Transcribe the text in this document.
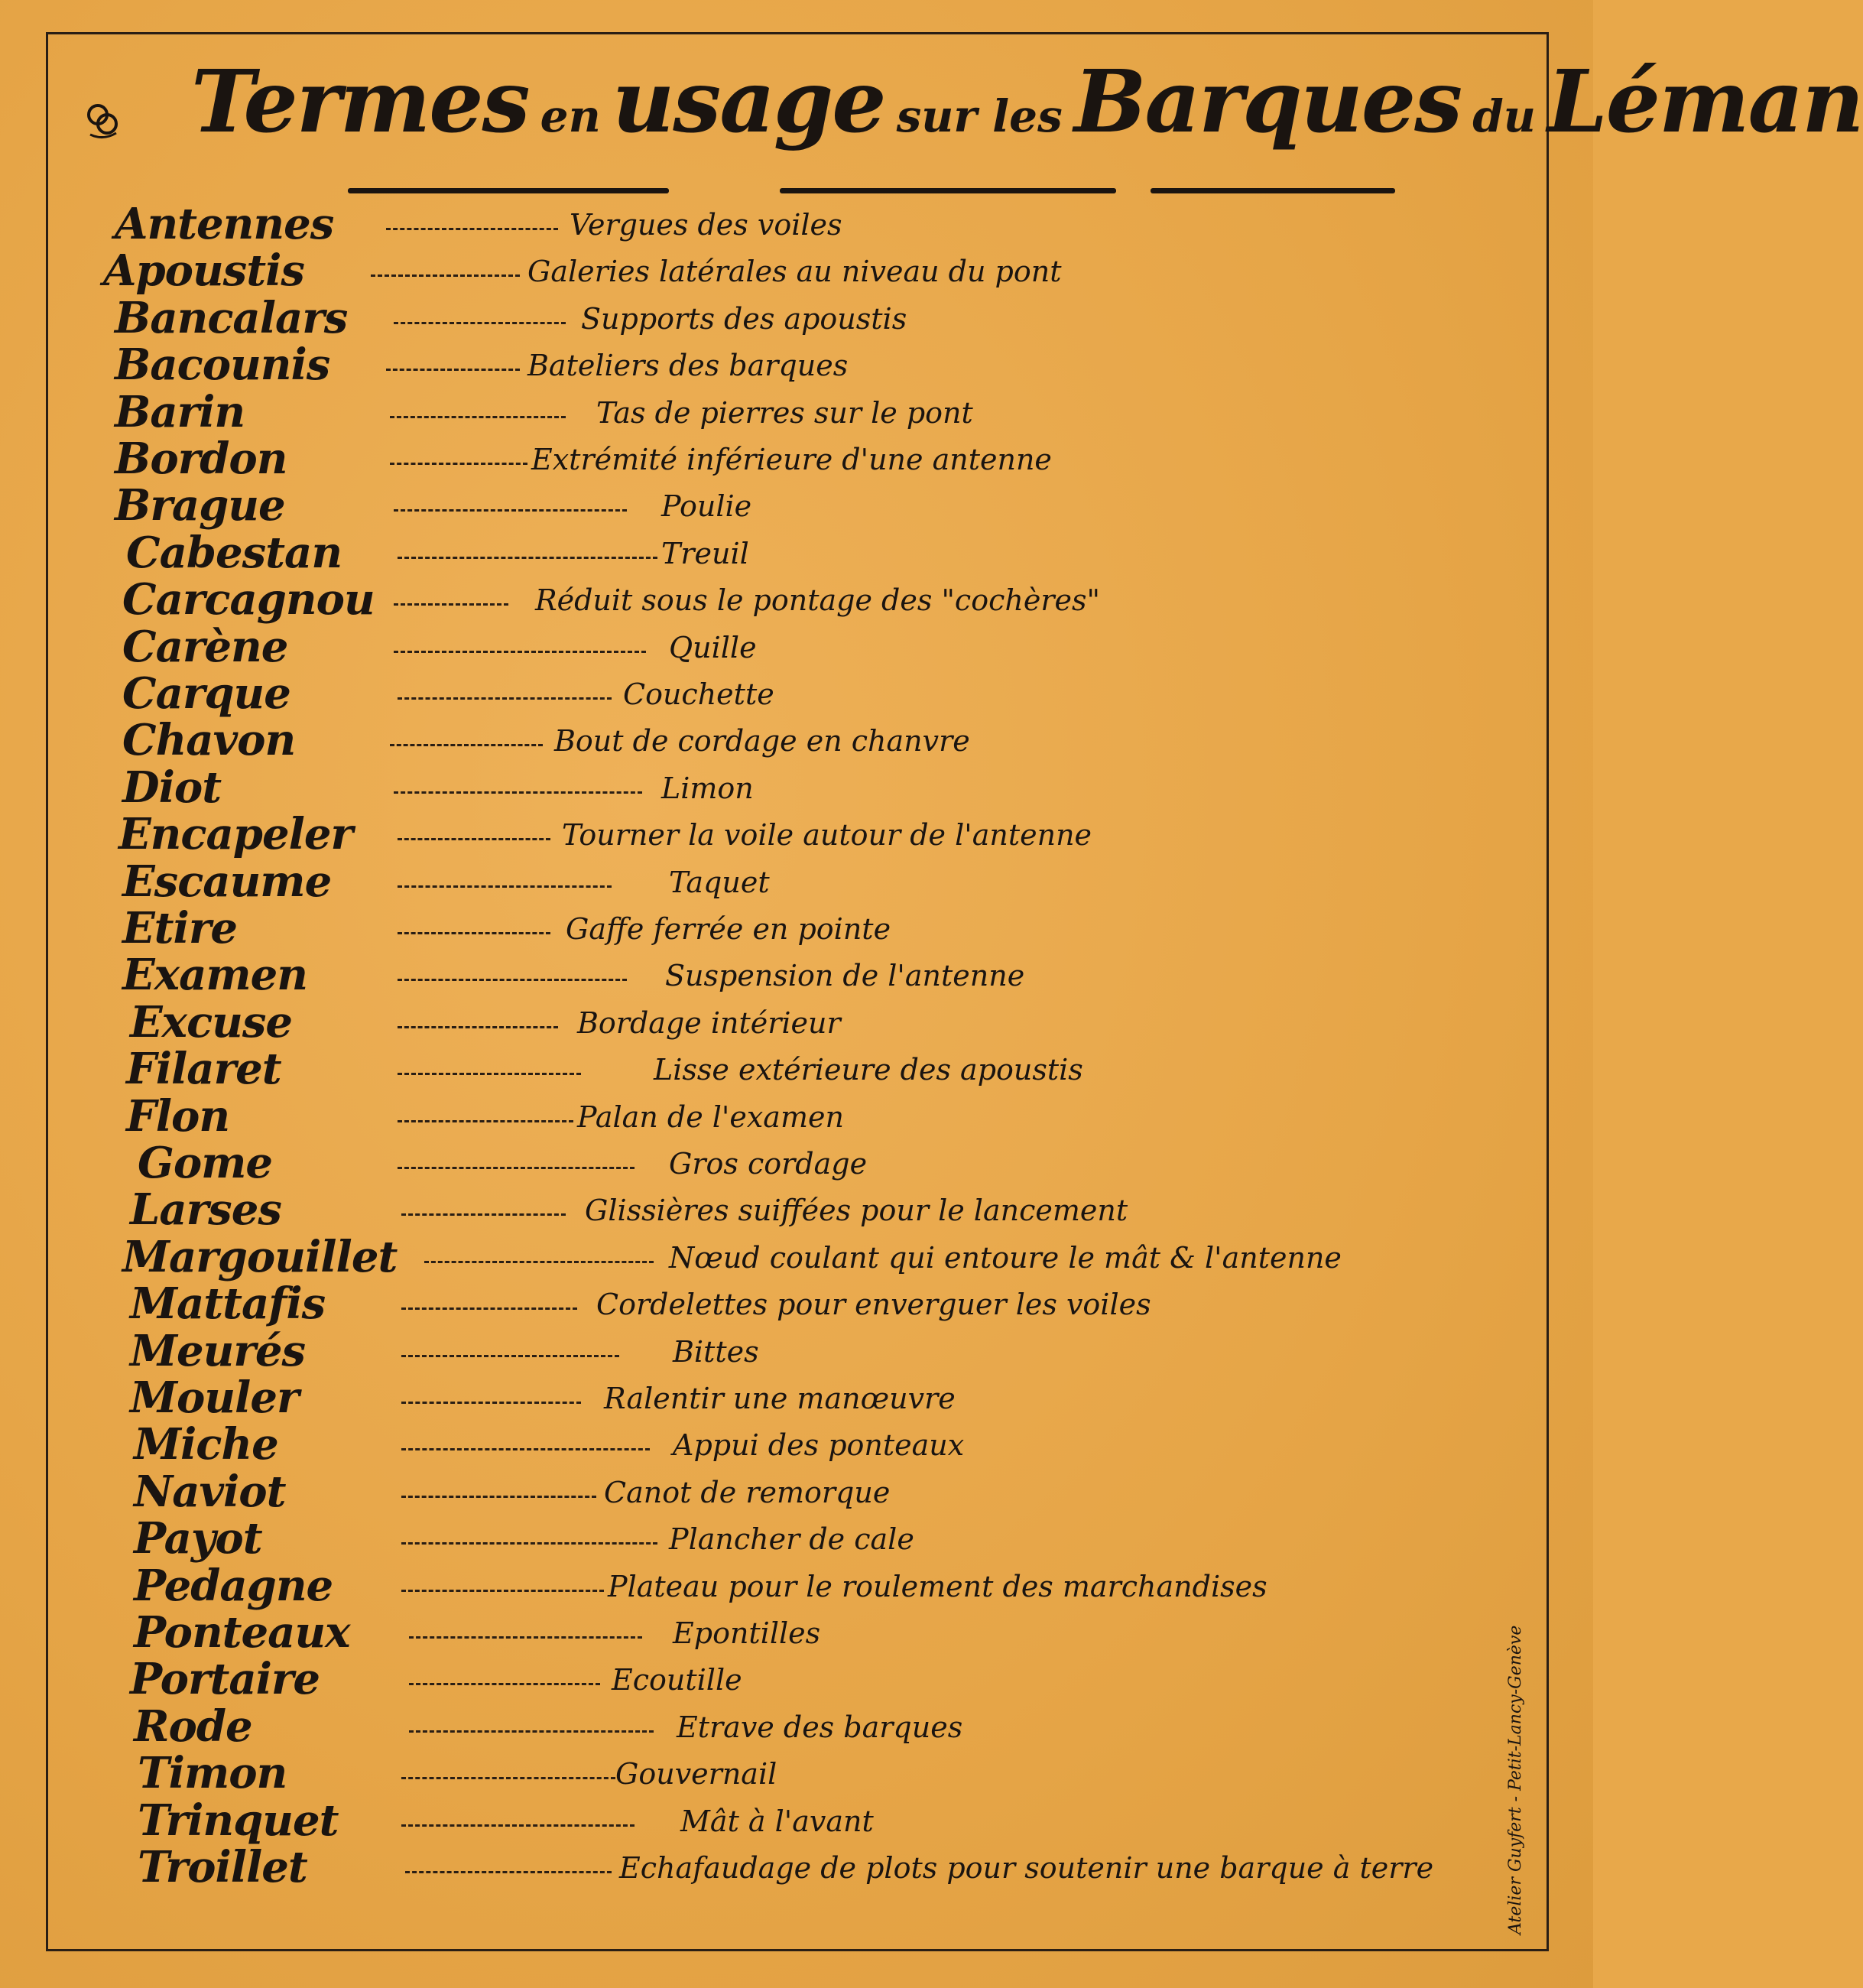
Termes en usage sur les Barques du Léman
Antennes	Vergues des voiles
Apoustis	Galeries latérales au niveau du pont
Bancalars	Supports des apoustis
Bacounis	Bateliers des barques
Barin	Tas de pierres sur le pont
Bordon	Extrémité inférieure d'une antenne
Brague	Poulie
Cabestan	Treuil
Carcagnou	Réduit sous le pontage des "cochères"
Carène	Quille
Carque	Couchette
Chavon	Bout de cordage en chanvre
Diot	Limon
Encapeler	Tourner la voile autour de l'antenne
Escaume	Taquet
Etire	Gaffe ferrée en pointe
Examen	Suspension de l'antenne
Excuse	Bordage intérieur
Filaret	Lisse extérieure des apoustis
Flon	Palan de l'examen
Gome	Gros cordage
Larses	Glissières suiffées pour le lancement
Margouillet	Nœud coulant qui entoure le mât & l'antenne
Mattafis	Cordelettes pour enverguer les voiles
Meurés	Bittes
Mouler	Ralentir une manœuvre
Miche	Appui des ponteaux
Naviot	Canot de remorque
Payot	Plancher de cale
Pedagne	Plateau pour le roulement des marchandises
Ponteaux	Epontilles
Portaire	Ecoutille
Rode	Etrave des barques
Timon	Gouvernail
Trinquet	Mât à l'avant
Troillet	Echafaudage de plots pour soutenir une barque à terre	Atelier Guyfert - Petit-Lancy-Genève
